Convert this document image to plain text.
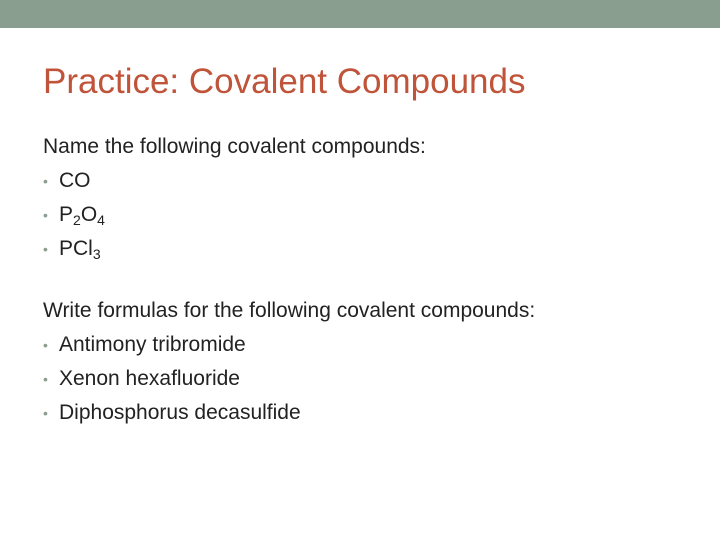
Practice: Covalent Compounds
Name the following covalent compounds:
• CO
• $P_2O_4$
• PCl$_3$
Write formulas for the following covalent compounds:
• Antimony tribromide
• Xenon hexafluoride
• Diphosphorus decasulfide
